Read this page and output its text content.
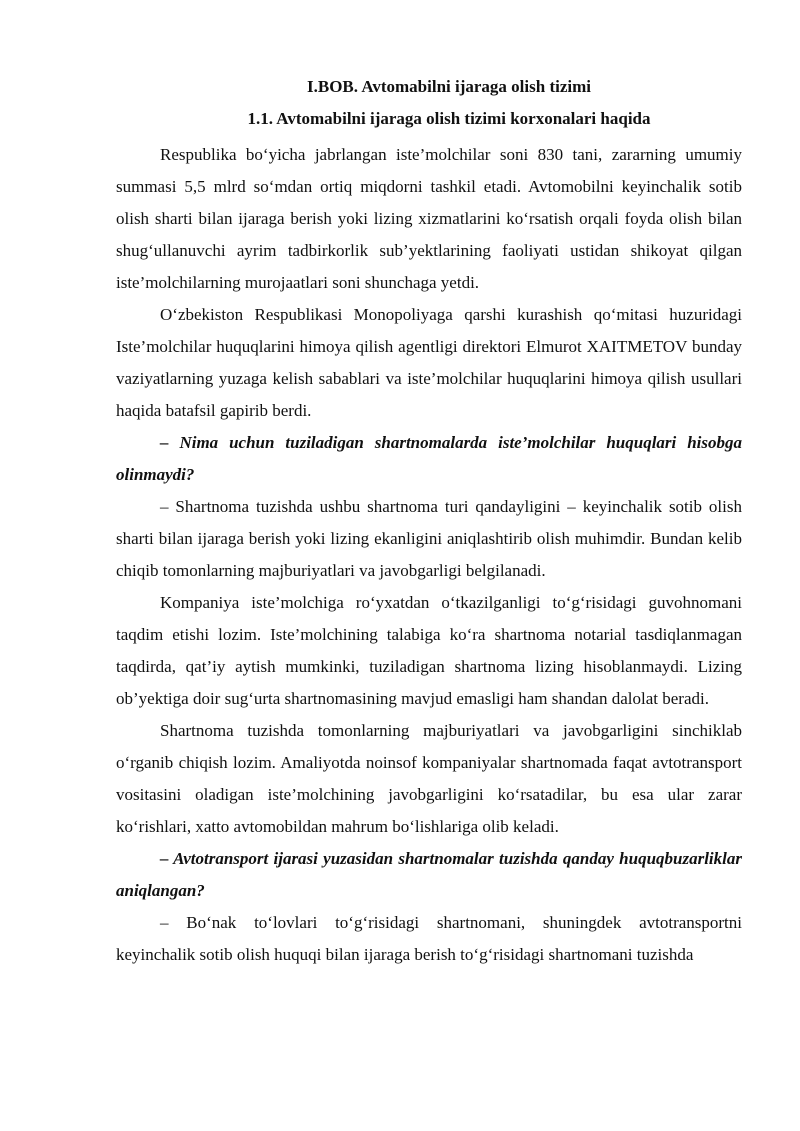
I.BOB. Avtomabilni ijaraga olish tizimi

1.1. Avtomabilni ijaraga olish tizimi korxonalari haqida

Respublika bo‘yicha jabrlangan iste’molchilar soni 830 tani, zararning umumiy summasi 5,5 mlrd so‘mdan ortiq miqdorni tashkil etadi. Avtomobilni keyinchalik sotib olish sharti bilan ijaraga berish yoki lizing xizmatlarini ko‘rsatish orqali foyda olish bilan shug‘ullanuvchi ayrim tadbirkorlik sub’yektlarining faoliyati ustidan shikoyat qilgan iste’molchilarning murojaatlari soni shunchaga yetdi.

O‘zbekiston Respublikasi Monopoliyaga qarshi kurashish qo‘mitasi huzuridagi Iste’molchilar huquqlarini himoya qilish agentligi direktori Elmurot XAITMETOV bunday vaziyatlarning yuzaga kelish sabablari va iste’molchilar huquqlarini himoya qilish usullari haqida batafsil gapirib berdi.

– Nima uchun tuziladigan shartnomalarda iste’molchilar huquqlari hisobga olinmaydi?

– Shartnoma tuzishda ushbu shartnoma turi qandayligini – keyinchalik sotib olish sharti bilan ijaraga berish yoki lizing ekanligini aniqlashtirib olish muhimdir. Bundan kelib chiqib tomonlarning majburiyatlari va javobgarligi belgilanadi.

Kompaniya iste’molchiga ro‘yxatdan o‘tkazilganligi to‘g‘risidagi guvohnomani taqdim etishi lozim. Iste’molchining talabiga ko‘ra shartnoma notarial tasdiqlanmagan taqdirda, qat’iy aytish mumkinki, tuziladigan shartnoma lizing hisoblanmaydi. Lizing ob’yektiga doir sug‘urta shartnomasining mavjud emasligi ham shandan dalolat beradi.

Shartnoma tuzishda tomonlarning majburiyatlari va javobgarligini sinchiklab o‘rganib chiqish lozim. Amaliyotda noinsof kompaniyalar shartnomada faqat avtotransport vositasini oladigan iste’molchining javobgarligini ko‘rsatadilar, bu esa ular zarar ko‘rishlari, xatto avtomobildan mahrum bo‘lishlariga olib keladi.

– Avtotransport ijarasi yuzasidan shartnomalar tuzishda qanday huquqbuzarliklar aniqlangan?

– Bo‘nak to‘lovlari to‘g‘risidagi shartnomani, shuningdek avtotransportni keyinchalik sotib olish huquqi bilan ijaraga berish to‘g‘risidagi shartnomani tuzishda
